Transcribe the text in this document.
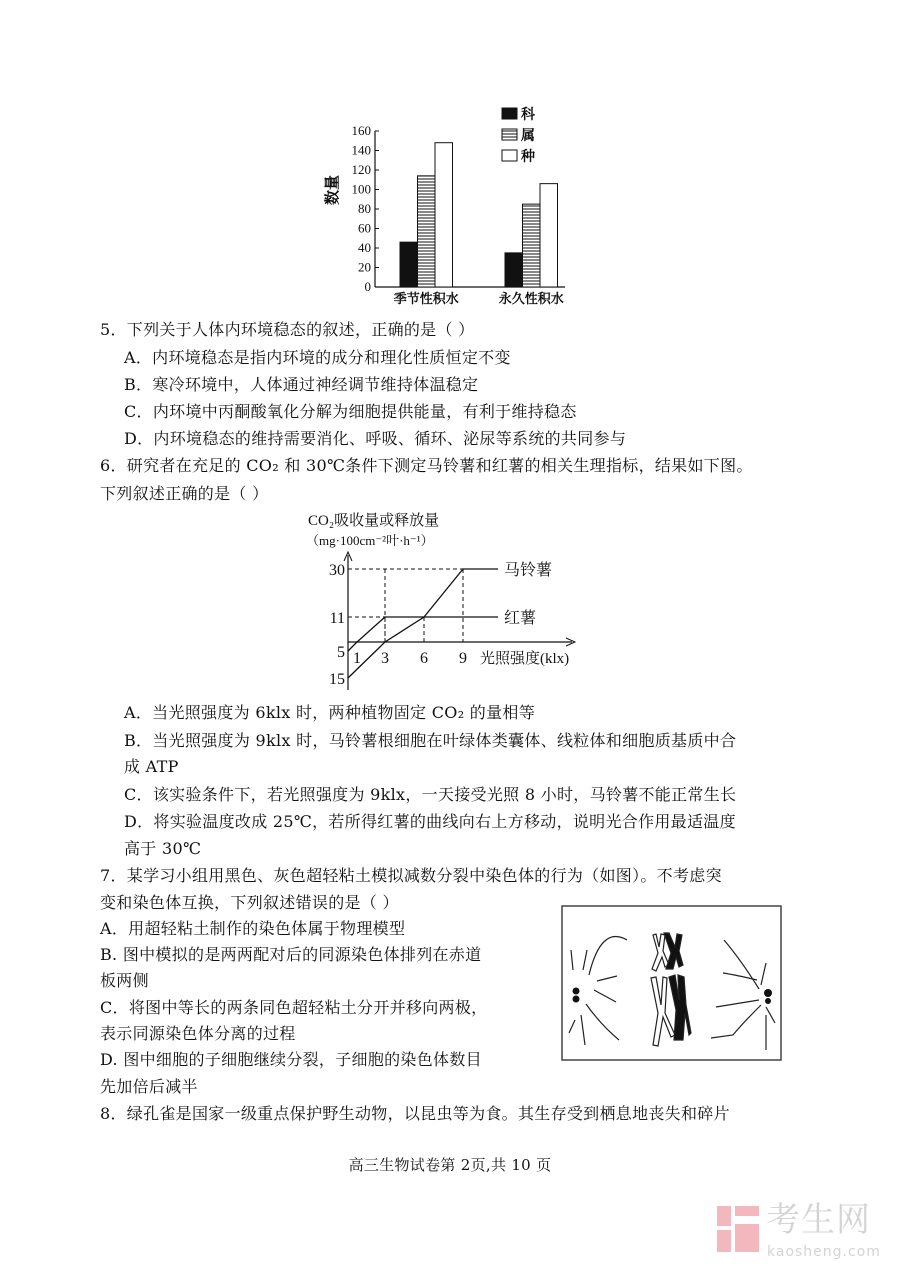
0
20
40
60
80
100
120
140
160
数量
季节性积水	永久性积水
科
属
种
5．下列关于人体内环境稳态的叙述，正确的是（ ）
A．内环境稳态是指内环境的成分和理化性质恒定不变
B．寒冷环境中，人体通过神经调节维持体温稳定
C．内环境中丙酮酸氧化分解为细胞提供能量，有利于维持稳态
D．内环境稳态的维持需要消化、呼吸、循环、泌尿等系统的共同参与
6．研究者在充足的 CO₂ 和 30℃条件下测定马铃薯和红薯的相关生理指标，结果如下图。
下列叙述正确的是（ ）
CO₂吸收量或释放量
（mg·100cm⁻²叶·h⁻¹）
马铃薯
红薯
30
11
5
15
1 3 6 9 光照强度(klx)
A．当光照强度为 6klx 时，两种植物固定 CO₂ 的量相等
B．当光照强度为 9klx 时，马铃薯根细胞在叶绿体类囊体、线粒体和细胞质基质中合
成 ATP
C．该实验条件下，若光照强度为 9klx，一天接受光照 8 小时，马铃薯不能正常生长
D．将实验温度改成 25℃，若所得红薯的曲线向右上方移动，说明光合作用最适温度
高于 30℃
7．某学习小组用黑色、灰色超轻粘土模拟减数分裂中染色体的行为（如图）。不考虑突
变和染色体互换，下列叙述错误的是（ ）
A．用超轻粘土制作的染色体属于物理模型
B. 图中模拟的是两两配对后的同源染色体排列在赤道
板两侧
C．将图中等长的两条同色超轻粘土分开并移向两极，
表示同源染色体分离的过程
D. 图中细胞的子细胞继续分裂，子细胞的染色体数目
先加倍后减半
8．绿孔雀是国家一级重点保护野生动物，以昆虫等为食。其生存受到栖息地丧失和碎片
高三生物试卷第 2页,共 10 页
考生网
kaosheng.com
